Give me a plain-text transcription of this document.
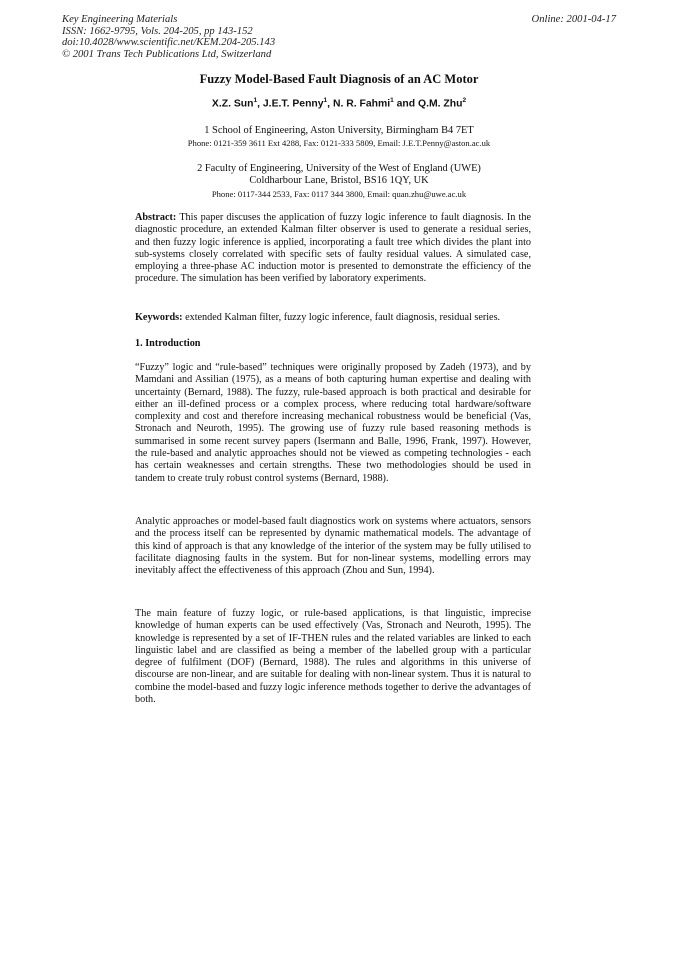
Key Engineering Materials
ISSN: 1662-9795, Vols. 204-205, pp 143-152
doi:10.4028/www.scientific.net/KEM.204-205.143
© 2001 Trans Tech Publications Ltd, Switzerland
Online: 2001-04-17
Fuzzy Model-Based Fault Diagnosis of an AC Motor
X.Z. Sun$^1$, J.E.T. Penny$^1$, N. R. Fahmi$^1$ and Q.M. Zhu$^2$
1 School of Engineering, Aston University, Birmingham B4 7ET
Phone: 0121-359 3611 Ext 4288, Fax: 0121-333 5809, Email: J.E.T.Penny@aston.ac.uk
2 Faculty of Engineering, University of the West of England (UWE)
Coldharbour Lane, Bristol, BS16 1QY, UK
Phone: 0117-344 2533, Fax: 0117 344 3800, Email: quan.zhu@uwe.ac.uk

Abstract: This paper discuses the application of fuzzy logic inference to fault diagnosis. In the diagnostic procedure, an extended Kalman filter observer is used to generate a residual series, and then fuzzy logic inference is applied, incorporating a fault tree which divides the plant into sub-systems closely correlated with specific sets of faulty residual values. A simulated case, employing a three-phase AC induction motor is presented to demonstrate the efficiency of the procedure. The simulation has been verified by laboratory experiments.

Keywords: extended Kalman filter, fuzzy logic inference, fault diagnosis, residual series.

1. Introduction

“Fuzzy” logic and “rule-based” techniques were originally proposed by Zadeh (1973), and by Mamdani and Assilian (1975), as a means of both capturing human expertise and dealing with uncertainty (Bernard, 1988). The fuzzy, rule-based approach is both practical and desirable for either an ill-defined process or a complex process, where reducing total hardware/software complexity and cost and therefore increasing mechanical robustness would be beneficial (Vas, Stronach and Neuroth, 1995). The growing use of fuzzy rule based reasoning methods is summarised in some recent survey papers (Isermann and Balle, 1996, Frank, 1997). However, the rule-based and analytic approaches should not be viewed as competing technologies - each has certain weaknesses and certain strengths. These two methodologies should be used in tandem to create truly robust control systems (Bernard, 1988).

Analytic approaches or model-based fault diagnostics work on systems where actuators, sensors and the process itself can be represented by dynamic mathematical models. The advantage of this kind of approach is that any knowledge of the interior of the system may be fully utilised to facilitate diagnosing faults in the system. But for non-linear systems, modelling errors may inevitably affect the effectiveness of this approach (Zhou and Sun, 1994).

The main feature of fuzzy logic, or rule-based applications, is that linguistic, imprecise knowledge of human experts can be used effectively (Vas, Stronach and Neuroth, 1995). The knowledge is represented by a set of IF-THEN rules and the related variables are linked to each linguistic label and are classified as being a member of the labelled group with a particular degree of fulfilment (DOF) (Bernard, 1988). The rules and algorithms in this universe of discourse are non-linear, and are suitable for dealing with non-linear system. Thus it is natural to combine the model-based and fuzzy logic inference methods together to derive the advantages of both.
